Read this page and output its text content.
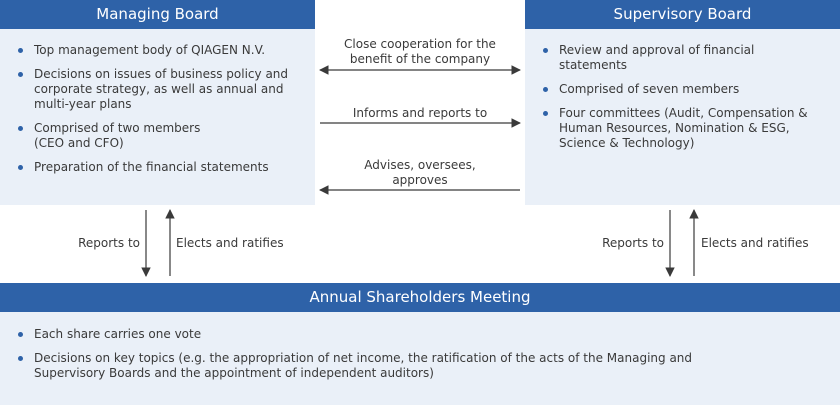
Managing Board
Top management body of QIAGEN N.V.
Decisions on issues of business policy and corporate strategy, as well as annual and multi-year plans
Comprised of two members (CEO and CFO)
Preparation of the financial statements
Supervisory Board
Review and approval of financial statements
Comprised of seven members
Four committees (Audit, Compensation & Human Resources, Nomination & ESG, Science & Technology)
Annual Shareholders Meeting
Each share carries one vote
Decisions on key topics (e.g. the appropriation of net income, the ratification of the acts of the Managing and Supervisory Boards and the appointment of independent auditors)
Close cooperation for the benefit of the company
Informs and reports to
Advises, oversees, approves
Reports to	Elects and ratifies	Reports to	Elects and ratifies
